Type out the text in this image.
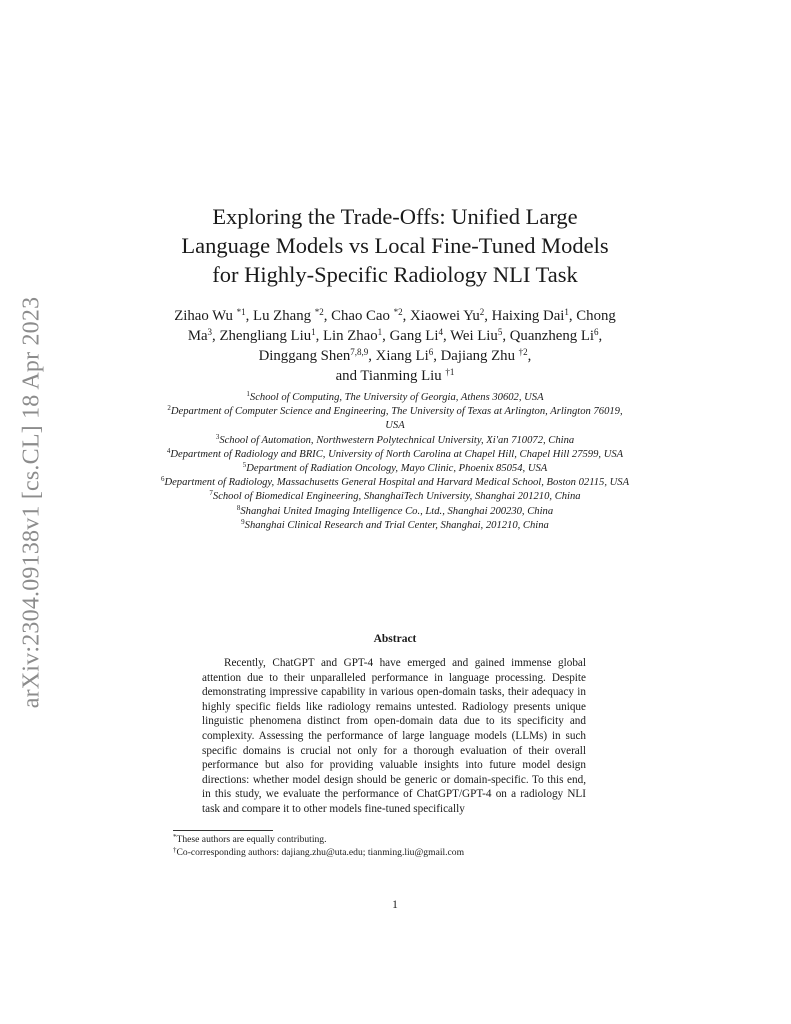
arXiv:2304.09138v1 [cs.CL] 18 Apr 2023
Exploring the Trade-Offs: Unified Large
Language Models vs Local Fine-Tuned Models
for Highly-Specific Radiology NLI Task
Zihao Wu $^{*1}$, Lu Zhang $^{*2}$, Chao Cao $^{*2}$, Xiaowei Yu$^2$, Haixing Dai$^1$, Chong Ma$^3$, Zhengliang Liu$^1$, Lin Zhao$^1$, Gang Li$^4$, Wei Liu$^5$, Quanzheng Li$^6$, Dinggang Shen$^{7,8,9}$, Xiang Li$^6$, Dajiang Zhu $^{\dagger 2}$,
and Tianming Liu $^{\dagger 1}$

$^1$School of Computing, The University of Georgia, Athens 30602, USA

$^2$Department of Computer Science and Engineering, The University of Texas at Arlington, Arlington 76019, USA

$^3$School of Automation, Northwestern Polytechnical University, Xi'an 710072, China

$^4$Department of Radiology and BRIC, University of North Carolina at Chapel Hill, Chapel Hill 27599, USA

$^5$Department of Radiation Oncology, Mayo Clinic, Phoenix 85054, USA

$^6$Department of Radiology, Massachusetts General Hospital and Harvard Medical School, Boston 02115, USA

$^7$School of Biomedical Engineering, ShanghaiTech University, Shanghai 201210, China

$^8$Shanghai United Imaging Intelligence Co., Ltd., Shanghai 200230, China

$^9$Shanghai Clinical Research and Trial Center, Shanghai, 201210, China

Abstract

Recently, ChatGPT and GPT-4 have emerged and gained immense global attention due to their unparalleled performance in language processing. Despite demonstrating impressive capability in various open-domain tasks, their adequacy in highly specific fields like radiology remains untested. Radiology presents unique linguistic phenomena distinct from open-domain data due to its specificity and complexity. Assessing the performance of large language models (LLMs) in such specific domains is crucial not only for a thorough evaluation of their overall performance but also for providing valuable insights into future model design directions: whether model design should be generic or domain-specific. To this end, in this study, we evaluate the performance of ChatGPT/GPT-4 on a radiology NLI task and compare it to other models fine-tuned specifically

*These authors are equally contributing.

†Co-corresponding authors: dajiang.zhu@uta.edu; tianming.liu@gmail.com

1
